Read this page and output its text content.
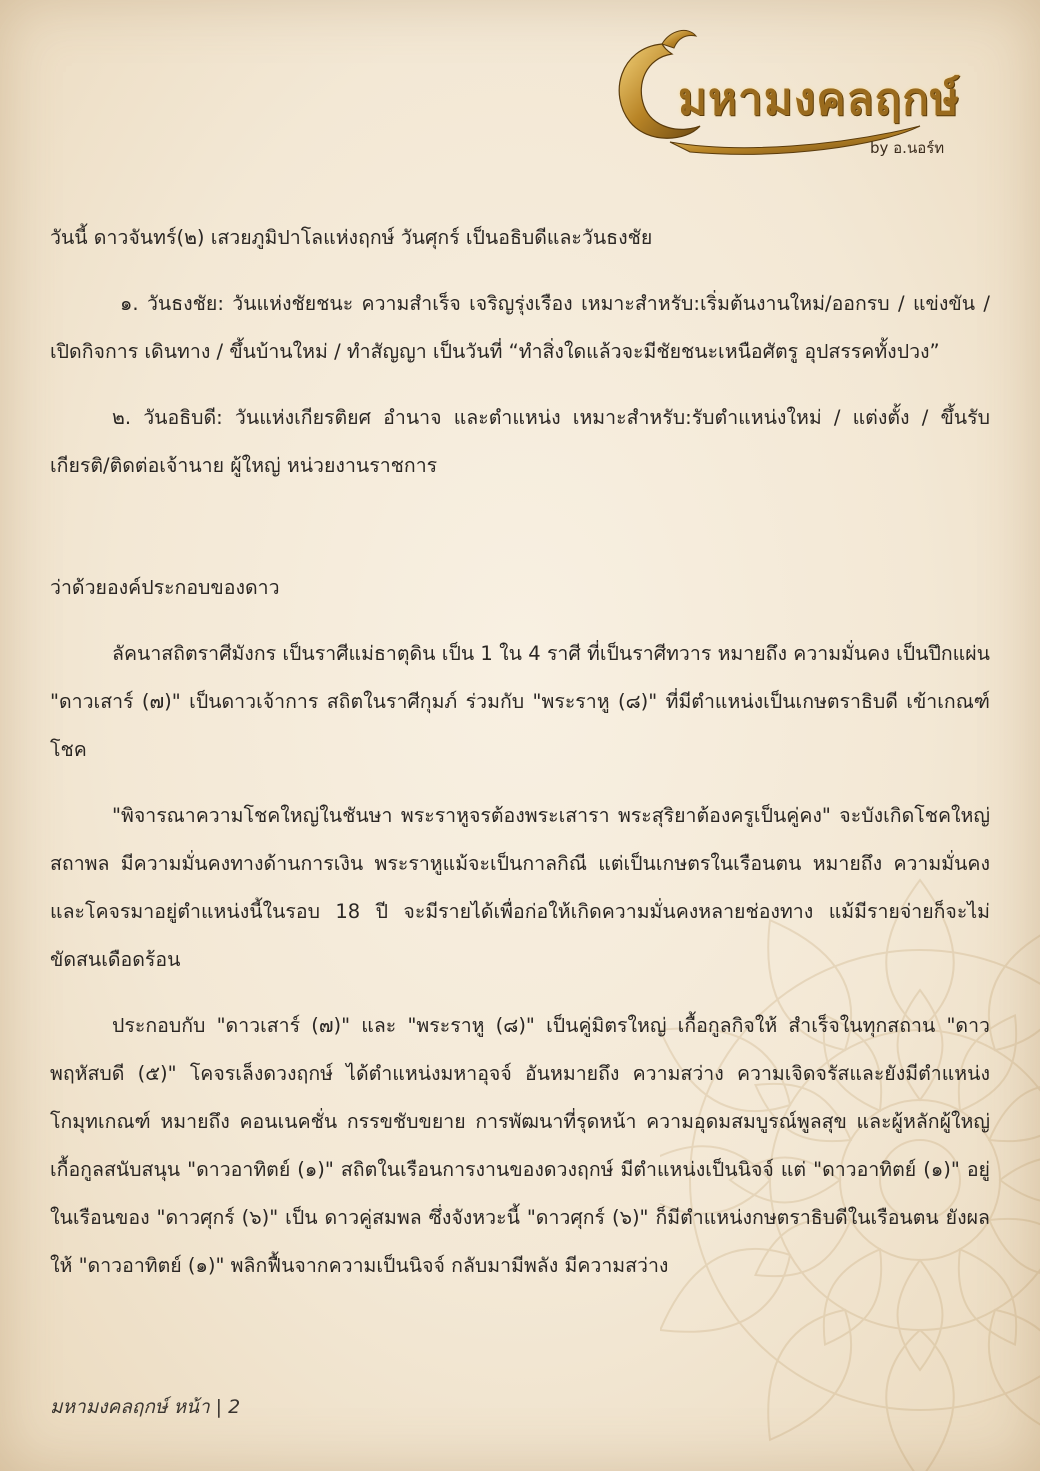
มหามงคลฤกษ์
by อ.นอร์ท

วันนี้ ดาวจันทร์(๒) เสวยภูมิปาโลแห่งฤกษ์ วันศุกร์ เป็นอธิบดีและวันธงชัย

๑. วันธงชัย: วันแห่งชัยชนะ ความสำเร็จ เจริญรุ่งเรือง เหมาะสำหรับ:เริ่มต้นงานใหม่/ออกรบ / แข่งขัน / เปิดกิจการ เดินทาง / ขึ้นบ้านใหม่ / ทำสัญญา เป็นวันที่ “ทำสิ่งใดแล้วจะมีชัยชนะเหนือศัตรู อุปสรรคทั้งปวง”

๒. วันอธิบดี: วันแห่งเกียรติยศ อำนาจ และตำแหน่ง เหมาะสำหรับ:รับตำแหน่งใหม่ / แต่งตั้ง / ขึ้นรับเกียรติ/ติดต่อเจ้านาย ผู้ใหญ่ หน่วยงานราชการ

ว่าด้วยองค์ประกอบของดาว

ลัคนาสถิตราศีมังกร เป็นราศีแม่ธาตุดิน เป็น 1 ใน 4 ราศี ที่เป็นราศีทวาร หมายถึง ความมั่นคง เป็นปึกแผ่น "ดาวเสาร์ (๗)" เป็นดาวเจ้าการ สถิตในราศีกุมภ์ ร่วมกับ "พระราหู (๘)" ที่มีตำแหน่งเป็นเกษตราธิบดี เข้าเกณฑ์โชค

"พิจารณาความโชคใหญ่ในชันษา พระราหูจรต้องพระเสารา พระสุริยาต้องครูเป็นคู่คง" จะบังเกิดโชคใหญ่สถาพล มีความมั่นคงทางด้านการเงิน พระราหูแม้จะเป็นกาลกิณี แต่เป็นเกษตรในเรือนตน หมายถึง ความมั่นคง และโคจรมาอยู่ตำแหน่งนี้ในรอบ 18 ปี จะมีรายได้เพื่อก่อให้เกิดความมั่นคงหลายช่องทาง แม้มีรายจ่ายก็จะไม่ขัดสนเดือดร้อน

ประกอบกับ "ดาวเสาร์ (๗)" และ "พระราหู (๘)" เป็นคู่มิตรใหญ่ เกื้อกูลกิจให้ สำเร็จในทุกสถาน "ดาวพฤหัสบดี (๕)" โคจรเล็งดวงฤกษ์ ได้ตำแหน่งมหาอุจจ์ อันหมายถึง ความสว่าง ความเจิดจรัสและยังมีตำแหน่งโกมุทเกณฑ์ หมายถึง คอนเนคชั่น กรรขชับขยาย การพัฒนาที่รุดหน้า ความอุดมสมบูรณ์พูลสุข และผู้หลักผู้ใหญ่เกื้อกูลสนับสนุน "ดาวอาทิตย์ (๑)" สถิตในเรือนการงานของดวงฤกษ์ มีตำแหน่งเป็นนิจจ์ แต่ "ดาวอาทิตย์ (๑)" อยู่ในเรือนของ "ดาวศุกร์ (๖)" เป็น ดาวคู่สมพล ซึ่งจังหวะนี้ "ดาวศุกร์ (๖)" ก็มีตำแหน่งกษตราธิบดีในเรือนตน ยังผลให้ "ดาวอาทิตย์ (๑)" พลิกฟื้นจากความเป็นนิจจ์ กลับมามีพลัง มีความสว่าง

มหามงคลฤกษ์ หน้า | 2
